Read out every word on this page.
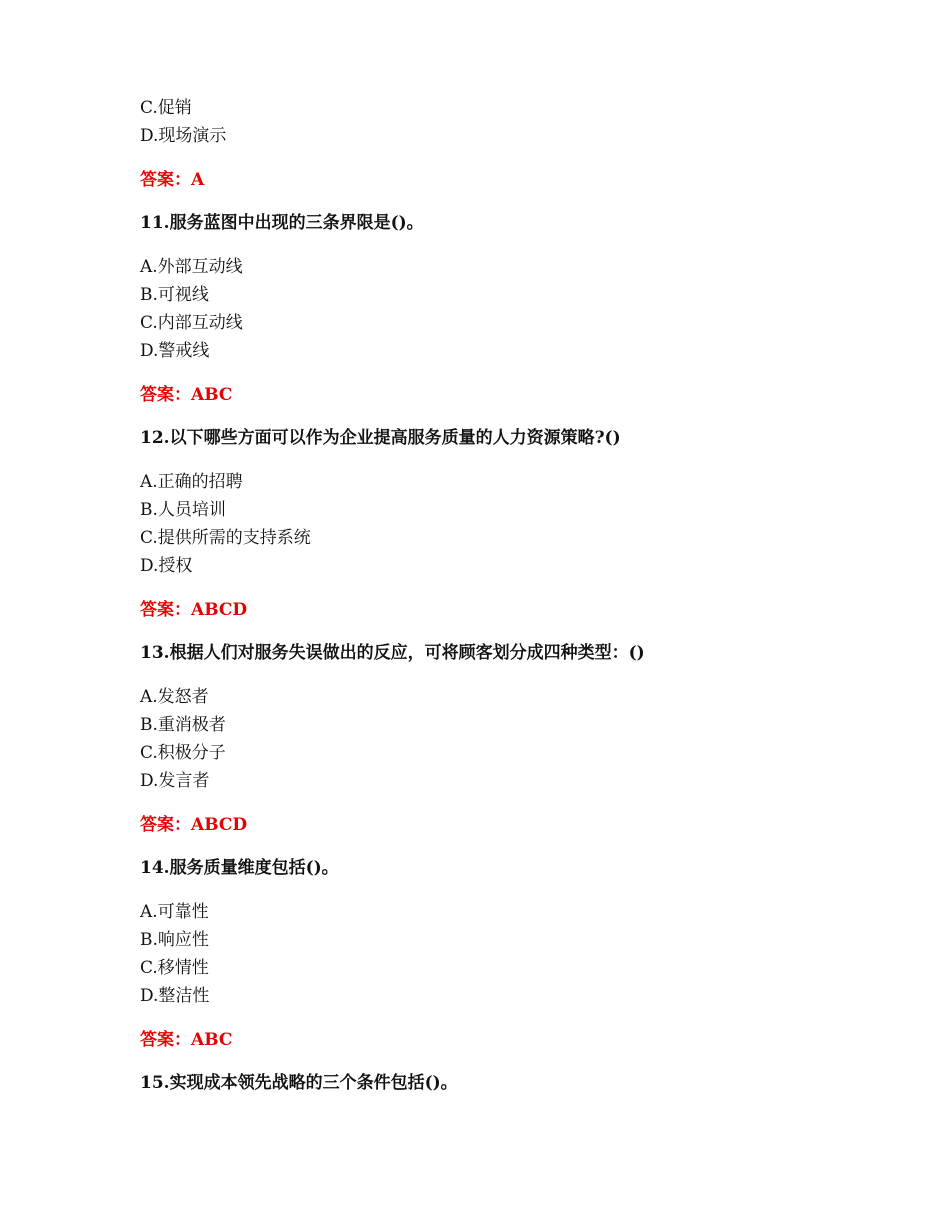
C.促销
D.现场演示
答案：A
11.服务蓝图中出现的三条界限是()。
A.外部互动线
B.可视线
C.内部互动线
D.警戒线
答案：ABC
12.以下哪些方面可以作为企业提高服务质量的人力资源策略?()
A.正确的招聘
B.人员培训
C.提供所需的支持系统
D.授权
答案：ABCD
13.根据人们对服务失误做出的反应，可将顾客划分成四种类型：()
A.发怒者
B.重消极者
C.积极分子
D.发言者
答案：ABCD
14.服务质量维度包括()。
A.可靠性
B.响应性
C.移情性
D.整洁性
答案：ABC
15.实现成本领先战略的三个条件包括()。
